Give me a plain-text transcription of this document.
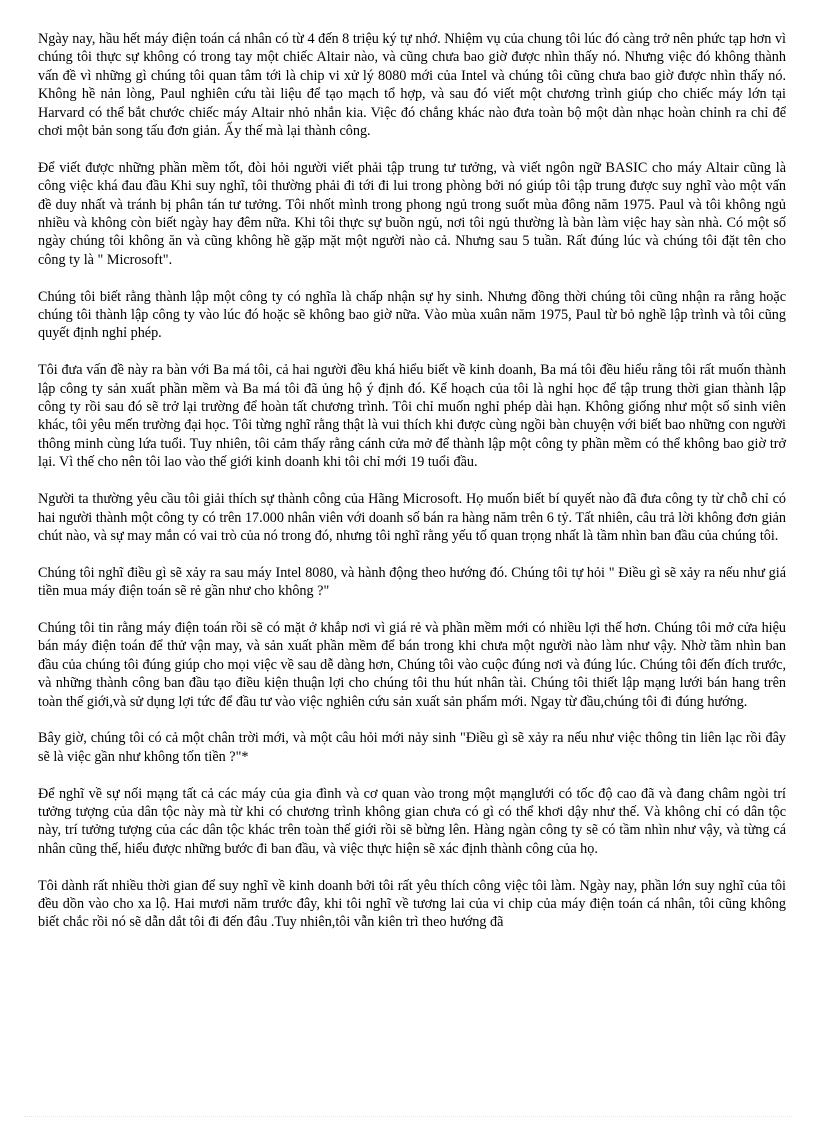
Ngày nay, hầu hết máy điện toán cá nhân có từ 4 đến 8 triệu ký tự nhớ. Nhiệm vụ của chung tôi lúc đó càng trở nên phức tạp hơn vì chúng tôi thực sự không có trong tay một chiếc Altair nào, và cũng chưa bao giờ được nhìn thấy nó. Nhưng việc đó không thành vấn đề vì những gì chúng tôi quan tâm tới là chip vi xử lý 8080 mới của Intel và chúng tôi cũng chưa bao giờ được nhìn thấy nó. Không hề nản lòng, Paul nghiên cứu tài liệu để tạo mạch tổ hợp, và sau đó viết một chương trình giúp cho chiếc máy lớn tại Harvard có thể bắt chước chiếc máy Altair nhỏ nhắn kia. Việc đó chẳng khác nào đưa toàn bộ một dàn nhạc hoàn chỉnh ra chỉ để chơi một bản song tấu đơn giản. Ấy thế mà lại thành công.

Để viết được những phần mềm tốt, đòi hỏi người viết phải tập trung tư tưởng, và viết ngôn ngữ BASIC cho máy Altair cũng là công việc khá đau đầu Khi suy nghĩ, tôi thường phải đi tới đi lui trong phòng bởi nó giúp tôi tập trung được suy nghĩ vào một vấn đề duy nhất và tránh bị phân tán tư tưởng. Tôi nhốt mình trong phong ngủ trong suốt mùa đông năm 1975. Paul và tôi không ngủ nhiều và không còn biết ngày hay đêm nữa. Khi tôi thực sự buồn ngủ, nơi tôi ngủ thường là bàn làm việc hay sàn nhà. Có một số ngày chúng tôi không ăn và cũng không hề gặp mặt một người nào cả. Nhưng sau 5 tuần. Rất đúng lúc và chúng tôi đặt tên cho công ty là " Microsoft".

Chúng tôi biết rằng thành lập một công ty có nghĩa là chấp nhận sự hy sinh. Nhưng đồng thời chúng tôi cũng nhận ra rằng hoặc chúng tôi thành lập công ty vào lúc đó hoặc sẽ không bao giờ nữa. Vào mùa xuân năm 1975, Paul từ bỏ nghề lập trình và tôi cũng quyết định nghỉ phép.

Tôi đưa vấn đề này ra bàn với Ba má tôi, cả hai người đều khá hiểu biết về kinh doanh, Ba má tôi đều hiểu rằng tôi rất muốn thành lập công ty sản xuất phần mềm và Ba má tôi đã ủng hộ ý định đó. Kế hoạch của tôi là nghỉ học để tập trung thời gian thành lập công ty rồi sau đó sẽ trở lại trường để hoàn tất chương trình. Tôi chỉ muốn nghỉ phép dài hạn. Không giống như một số sinh viên khác, tôi yêu mến trường đại học. Tôi từng nghĩ rằng thật là vui thích khi được cùng ngồi bàn chuyện với biết bao những con người thông minh cùng lứa tuổi. Tuy nhiên, tôi cảm thấy rằng cánh cửa mở để thành lập một công ty phần mềm có thể không bao giờ trở lại. Vì thế cho nên tôi lao vào thế giới kinh doanh khi tôi chỉ mới 19 tuổi đầu.

Người ta thường yêu cầu tôi giải thích sự thành công của Hãng Microsoft. Họ muốn biết bí quyết nào đã đưa công ty từ chỗ chỉ có hai người thành một công ty có trên 17.000 nhân viên với doanh số bán ra hàng năm trên 6 tỷ. Tất nhiên, câu trả lời không đơn giản chút nào, và sự may mắn có vai trò của nó trong đó, nhưng tôi nghĩ rằng yếu tố quan trọng nhất là tầm nhìn ban đầu của chúng tôi.

Chúng tôi nghĩ điều gì sẽ xảy ra sau máy Intel 8080, và hành động theo hướng đó. Chúng tôi tự hỏi " Điều gì sẽ xảy ra nếu như giá tiền mua máy điện toán sẽ rẻ gần như cho không ?"

Chúng tôi tin rằng máy điện toán rồi sẽ có mặt ở khắp nơi vì giá rẻ và phần mềm mới có nhiều lợi thế hơn. Chúng tôi mở cửa hiệu bán máy điện toán để thử vận may, và sản xuất phần mềm để bán trong khi chưa một người nào làm như vậy. Nhờ tầm nhìn ban đầu của chúng tôi đúng giúp cho mọi việc về sau dễ dàng hơn, Chúng tôi vào cuộc đúng nơi và đúng lúc. Chúng tôi đến đích trước, và những thành công ban đầu tạo điều kiện thuận lợi cho chúng tôi thu hút nhân tài. Chúng tôi thiết lập mạng lưới bán hang trên toàn thế giới,và sử dụng lợi tức để đầu tư vào việc nghiên cứu sản xuất sản phẩm mới. Ngay từ đầu,chúng tôi đi đúng hướng.

Bây giờ, chúng tôi có cả một chân trời mới, và một câu hỏi mới nảy sinh "Điều gì sẽ xảy ra nếu như việc thông tin liên lạc rồi đây sẽ là việc gần như không tốn tiền ?"*

Để nghĩ về sự nối mạng tất cả các máy của gia đình và cơ quan vào trong một mạnglưới có tốc độ cao đã và đang châm ngòi trí tưởng tượng của dân tộc này mà từ khi có chương trình không gian chưa có gì có thể khơi dậy như thế. Và không chỉ có dân tộc này, trí tưởng tượng của các dân tộc khác trên toàn thế giới rồi sẽ bừng lên. Hàng ngàn công ty sẽ có tầm nhìn như vậy, và từng cá nhân cũng thế, hiểu được những bước đi ban đầu, và việc thực hiện sẽ xác định thành công của họ.

Tôi dành rất nhiều thời gian để suy nghĩ về kinh doanh bởi tôi rất yêu thích công việc tôi làm. Ngày nay, phần lớn suy nghĩ của tôi đều dồn vào cho xa lộ. Hai mươi năm trước đây, khi tôi nghĩ về tương lai của vi chip của máy điện toán cá nhân, tôi cũng không biết chắc rồi nó sẽ dẫn dắt tôi đi đến đâu .Tuy nhiên,tôi vẫn kiên trì theo hướng đã
